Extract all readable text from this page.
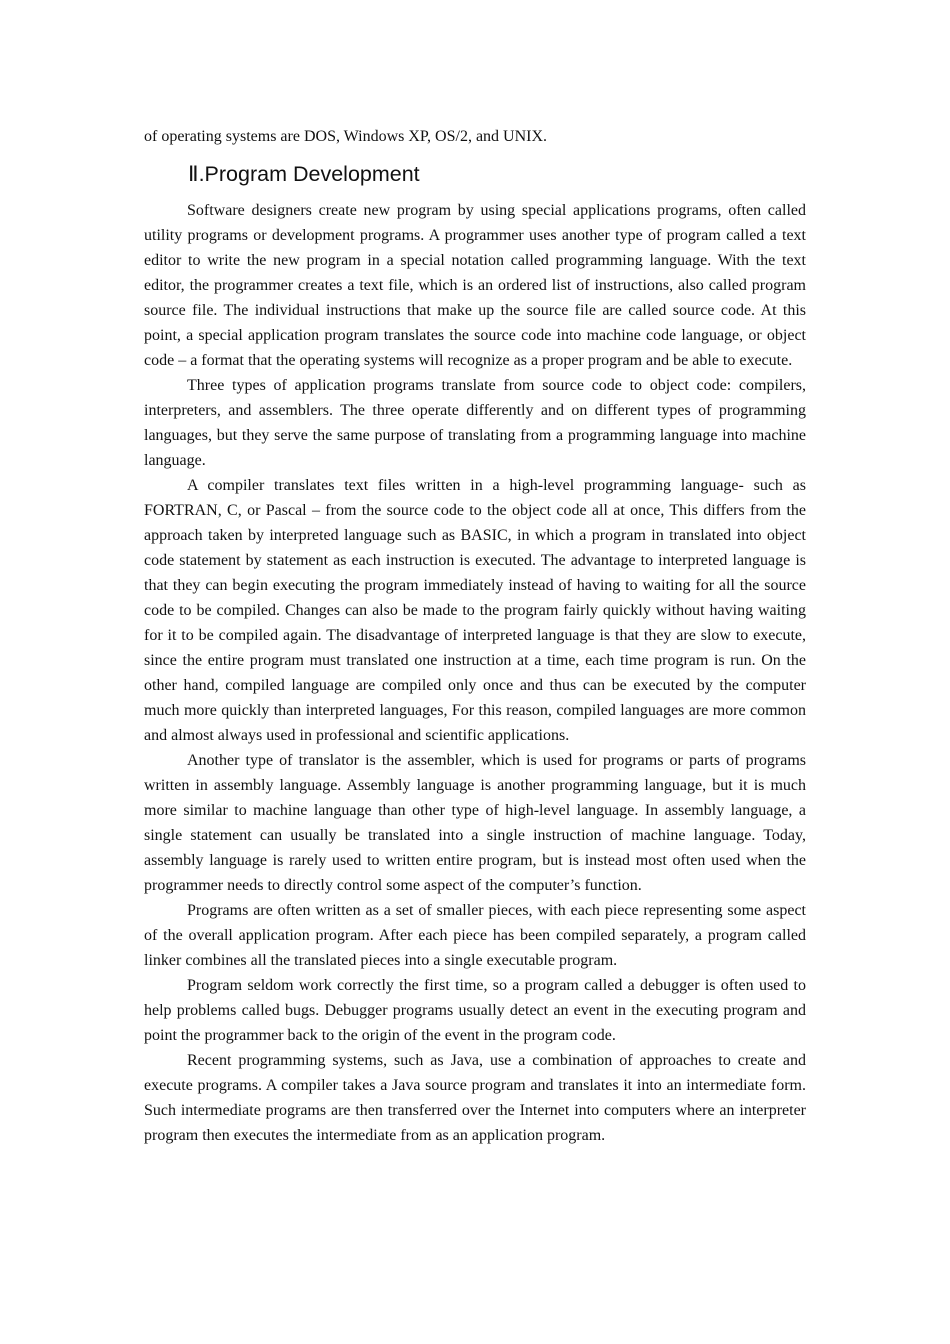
of operating systems are DOS, Windows XP, OS/2, and UNIX.

Ⅱ.Program Development

Software designers create new program by using special applications programs, often called utility programs or development programs. A programmer uses another type of program called a text editor to write the new program in a special notation called programming language. With the text editor, the programmer creates a text file, which is an ordered list of instructions, also called program source file. The individual instructions that make up the source file are called source code. At this point, a special application program translates the source code into machine code language, or object code – a format that the operating systems will recognize as a proper program and be able to execute.

Three types of application programs translate from source code to object code: compilers, interpreters, and assemblers. The three operate differently and on different types of programming languages, but they serve the same purpose of translating from a programming language into machine language.

A compiler translates text files written in a high-level programming language- such as FORTRAN, C, or Pascal – from the source code to the object code all at once, This differs from the approach taken by interpreted language such as BASIC, in which a program in translated into object code statement by statement as each instruction is executed. The advantage to interpreted language is that they can begin executing the program immediately instead of having to waiting for all the source code to be compiled. Changes can also be made to the program fairly quickly without having waiting for it to be compiled again. The disadvantage of interpreted language is that they are slow to execute, since the entire program must translated one instruction at a time, each time program is run. On the other hand, compiled language are compiled only once and thus can be executed by the computer much more quickly than interpreted languages, For this reason, compiled languages are more common and almost always used in professional and scientific applications.

Another type of translator is the assembler, which is used for programs or parts of programs written in assembly language. Assembly language is another programming language, but it is much more similar to machine language than other type of high-level language. In assembly language, a single statement can usually be translated into a single instruction of machine language. Today, assembly language is rarely used to written entire program, but is instead most often used when the programmer needs to directly control some aspect of the computer’s function.

Programs are often written as a set of smaller pieces, with each piece representing some aspect of the overall application program. After each piece has been compiled separately, a program called linker combines all the translated pieces into a single executable program.

Program seldom work correctly the first time, so a program called a debugger is often used to help problems called bugs. Debugger programs usually detect an event in the executing program and point the programmer back to the origin of the event in the program code.

Recent programming systems, such as Java, use a combination of approaches to create and execute programs. A compiler takes a Java source program and translates it into an intermediate form. Such intermediate programs are then transferred over the Internet into computers where an interpreter program then executes the intermediate from as an application program.
